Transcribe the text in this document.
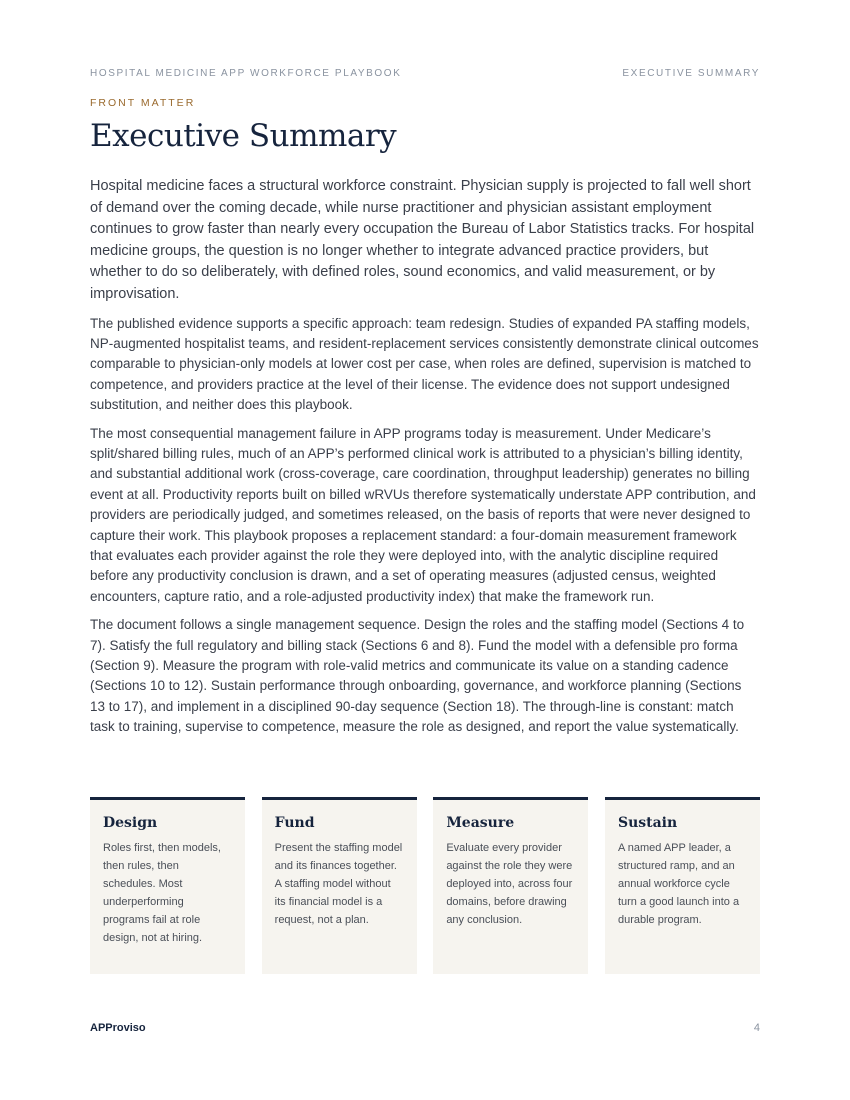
HOSPITAL MEDICINE APP WORKFORCE PLAYBOOK	EXECUTIVE SUMMARY
FRONT MATTER
Executive Summary

Hospital medicine faces a structural workforce constraint. Physician supply is projected to fall well short of demand over the coming decade, while nurse practitioner and physician assistant employment continues to grow faster than nearly every occupation the Bureau of Labor Statistics tracks. For hospital medicine groups, the question is no longer whether to integrate advanced practice providers, but whether to do so deliberately, with defined roles, sound economics, and valid measurement, or by improvisation.

The published evidence supports a specific approach: team redesign. Studies of expanded PA staffing models, NP-augmented hospitalist teams, and resident-replacement services consistently demonstrate clinical outcomes comparable to physician-only models at lower cost per case, when roles are defined, supervision is matched to competence, and providers practice at the level of their license. The evidence does not support undesigned substitution, and neither does this playbook.

The most consequential management failure in APP programs today is measurement. Under Medicare’s split/shared billing rules, much of an APP’s performed clinical work is attributed to a physician’s billing identity, and substantial additional work (cross-coverage, care coordination, throughput leadership) generates no billing event at all. Productivity reports built on billed wRVUs therefore systematically understate APP contribution, and providers are periodically judged, and sometimes released, on the basis of reports that were never designed to capture their work. This playbook proposes a replacement standard: a four-domain measurement framework that evaluates each provider against the role they were deployed into, with the analytic discipline required before any productivity conclusion is drawn, and a set of operating measures (adjusted census, weighted encounters, capture ratio, and a role-adjusted productivity index) that make the framework run.

The document follows a single management sequence. Design the roles and the staffing model (Sections 4 to 7). Satisfy the full regulatory and billing stack (Sections 6 and 8). Fund the model with a defensible pro forma (Section 9). Measure the program with role-valid metrics and communicate its value on a standing cadence (Sections 10 to 12). Sustain performance through onboarding, governance, and workforce planning (Sections 13 to 17), and implement in a disciplined 90-day sequence (Section 18). The through-line is constant: match task to training, supervise to competence, measure the role as designed, and report the value systematically.

Design

Roles first, then models, then rules, then schedules. Most underperforming programs fail at role design, not at hiring.

Fund

Present the staffing model and its finances together. A staffing model without its financial model is a request, not a plan.

Measure

Evaluate every provider against the role they were deployed into, across four domains, before drawing any conclusion.

Sustain

A named APP leader, a structured ramp, and an annual workforce cycle turn a good launch into a durable program.

APProviso	4
